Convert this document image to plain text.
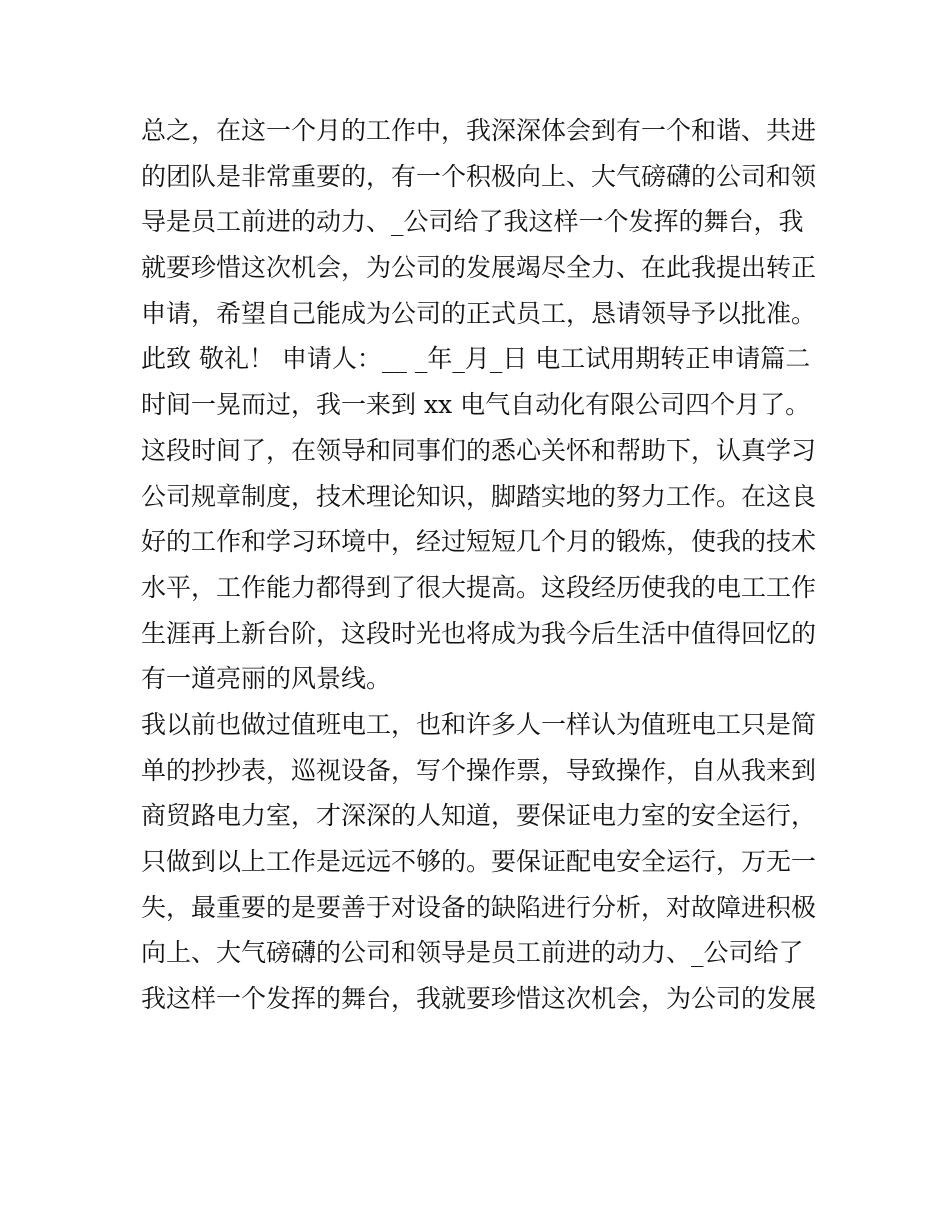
总之，在这一个月的工作中，我深深体会到有一个和谐、共进
的团队是非常重要的，有一个积极向上、大气磅礴的公司和领
导是员工前进的动力、_公司给了我这样一个发挥的舞台，我
就要珍惜这次机会，为公司的发展竭尽全力、在此我提出转正
申请，希望自己能成为公司的正式员工，恳请领导予以批准。
此致 敬礼！ 申请人：__ _年_月_日 电工试用期转正申请篇二
时间一晃而过，我一来到 xx 电气自动化有限公司四个月了。
这段时间了，在领导和同事们的悉心关怀和帮助下，认真学习
公司规章制度，技术理论知识，脚踏实地的努力工作。在这良
好的工作和学习环境中，经过短短几个月的锻炼，使我的技术
水平，工作能力都得到了很大提高。这段经历使我的电工工作
生涯再上新台阶，这段时光也将成为我今后生活中值得回忆的
有一道亮丽的风景线。
我以前也做过值班电工，也和许多人一样认为值班电工只是简
单的抄抄表，巡视设备，写个操作票，导致操作，自从我来到
商贸路电力室，才深深的人知道，要保证电力室的安全运行，
只做到以上工作是远远不够的。要保证配电安全运行，万无一
失，最重要的是要善于对设备的缺陷进行分析，对故障进积极
向上、大气磅礴的公司和领导是员工前进的动力、_公司给了
我这样一个发挥的舞台，我就要珍惜这次机会，为公司的发展
